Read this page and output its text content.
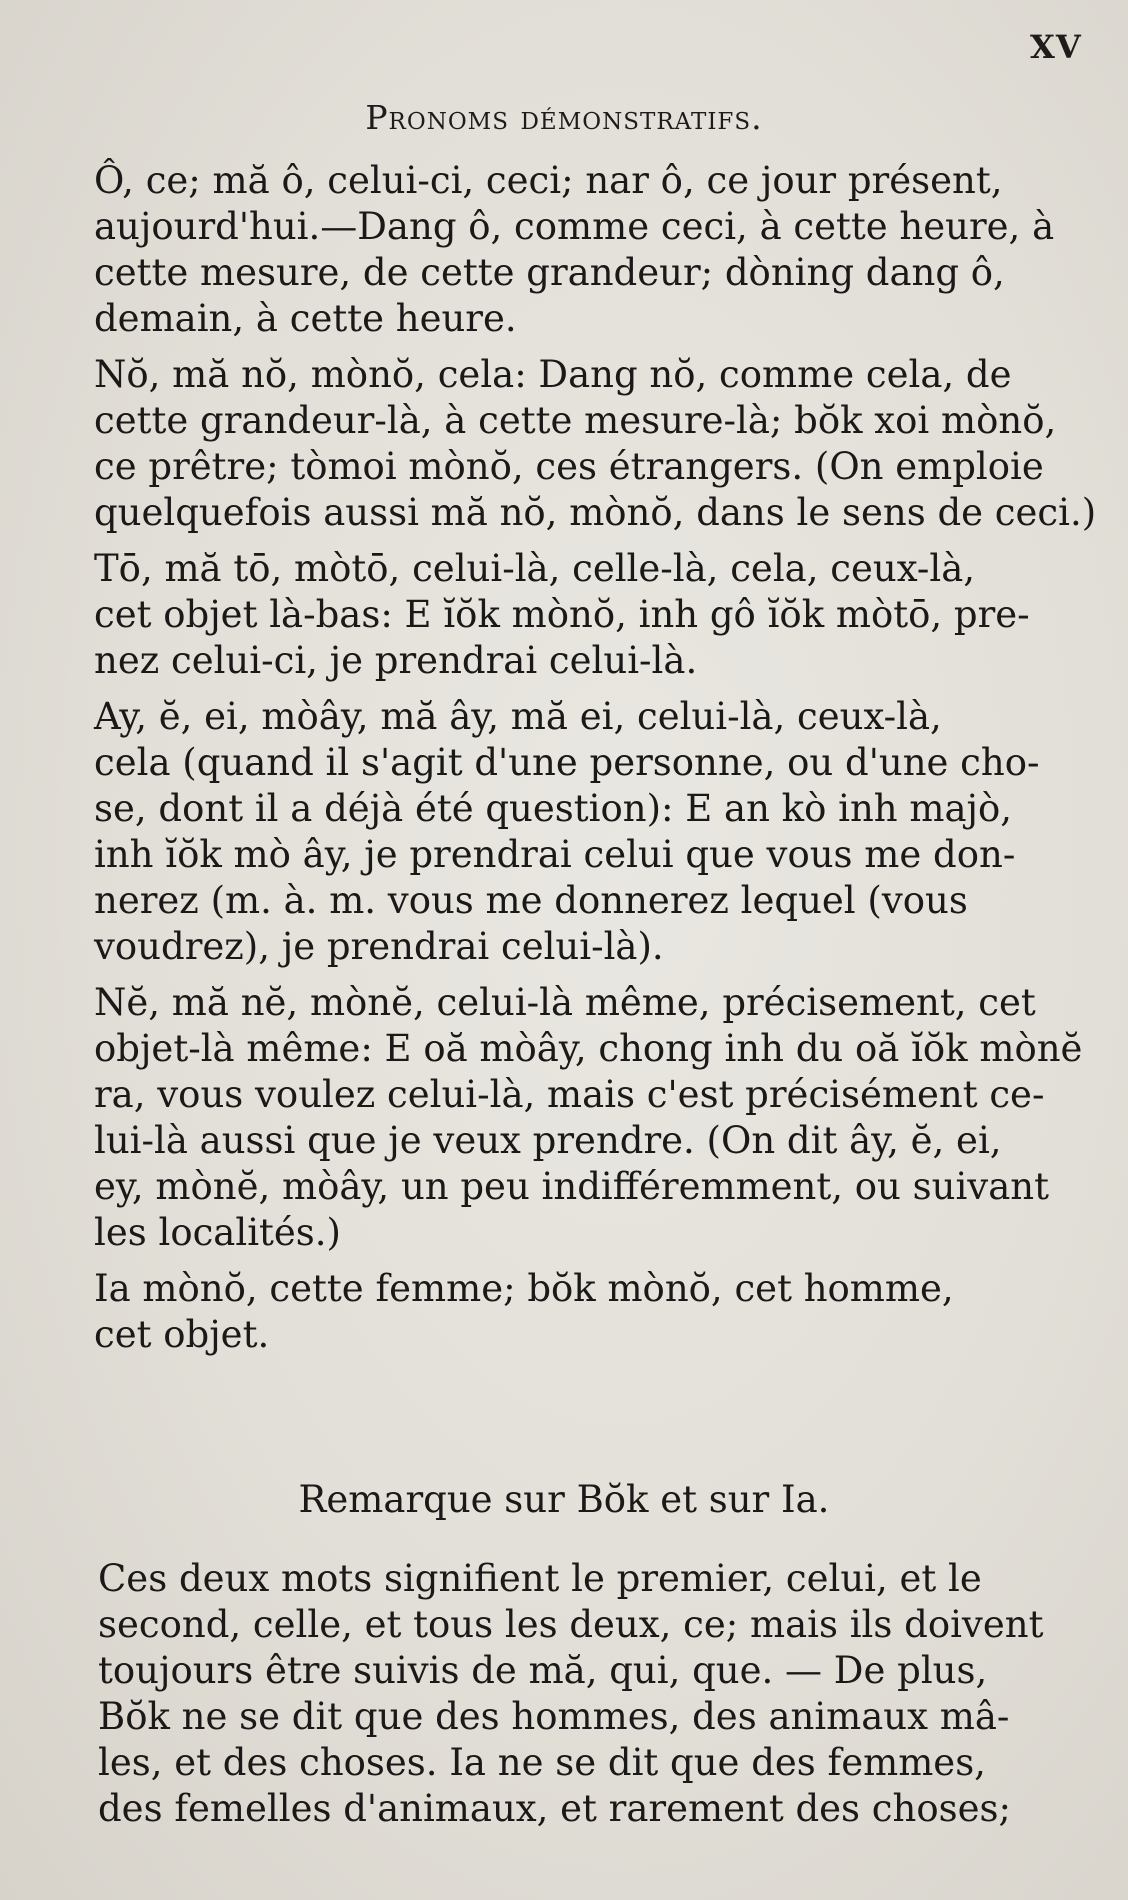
XV
Pronoms démonstratifs.
Ô, ce; mă ô, celui-ci, ceci; nar ô, ce jour présent,
aujourd'hui.—Dang ô, comme ceci, à cette heure, à
cette mesure, de cette grandeur; dòning dang ô,
demain, à cette heure.
Nŏ, mă nŏ, mònŏ, cela: Dang nŏ, comme cela, de
cette grandeur-là, à cette mesure-là; bŏk xoi mònŏ,
ce prêtre; tòmoi mònŏ, ces étrangers. (On emploie
quelquefois aussi mă nŏ, mònŏ, dans le sens de ceci.)
Tō, mă tō, mòtō, celui-là, celle-là, cela, ceux-là,
cet objet là-bas: E ĭŏk mònŏ, inh gô ĭŏk mòtō, pre-
nez celui-ci, je prendrai celui-là.
Ay, ĕ, ei, mòây, mă ây, mă ei, celui-là, ceux-là,
cela (quand il s'agit d'une personne, ou d'une cho-
se, dont il a déjà été question): E an kò inh majò,
inh ĭŏk mò ây, je prendrai celui que vous me don-
nerez (m. à. m. vous me donnerez lequel (vous
voudrez), je prendrai celui-là).
Nĕ, mă nĕ, mònĕ, celui-là même, précisement, cet
objet-là même: E oă mòây, chong inh du oă ĭŏk mònĕ
ra, vous voulez celui-là, mais c'est précisément ce-
lui-là aussi que je veux prendre. (On dit ây, ĕ, ei,
ey, mònĕ, mòây, un peu indifféremment, ou suivant
les localités.)
Ia mònŏ, cette femme; bŏk mònŏ, cet homme,
cet objet.
Remarque sur Bŏk et sur Ia.
Ces deux mots signifient le premier, celui, et le
second, celle, et tous les deux, ce; mais ils doivent
toujours être suivis de mă, qui, que. — De plus,
Bŏk ne se dit que des hommes, des animaux mâ-
les, et des choses. Ia ne se dit que des femmes,
des femelles d'animaux, et rarement des choses;
